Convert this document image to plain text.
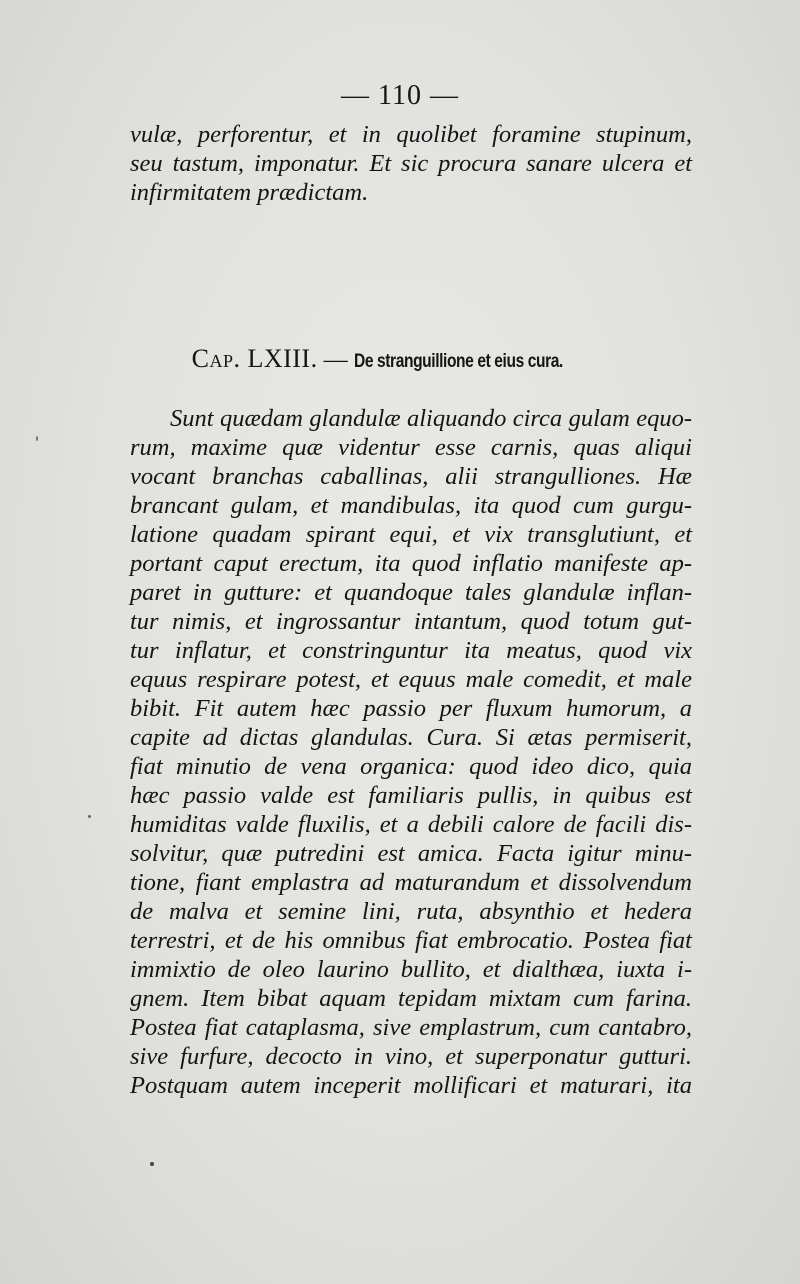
— 110 —
vulæ, perforentur, et in quolibet foramine stupinum,
seu tastum, imponatur. Et sic procura sanare ulcera et
infirmitatem prædictam.
Cap. LXIII. — De stranguillione et eius cura.
Sunt quædam glandulæ aliquando circa gulam equo-
rum, maxime quæ videntur esse carnis, quas aliqui
vocant branchas caballinas, alii strangulliones. Hæ
brancant gulam, et mandibulas, ita quod cum gurgu-
latione quadam spirant equi, et vix transglutiunt, et
portant caput erectum, ita quod inflatio manifeste ap-
paret in gutture: et quandoque tales glandulæ inflan-
tur nimis, et ingrossantur intantum, quod totum gut-
tur inflatur, et constringuntur ita meatus, quod vix
equus respirare potest, et equus male comedit, et male
bibit. Fit autem hæc passio per fluxum humorum, a
capite ad dictas glandulas. Cura. Si ætas permiserit,
fiat minutio de vena organica: quod ideo dico, quia
hæc passio valde est familiaris pullis, in quibus est
humiditas valde fluxilis, et a debili calore de facili dis-
solvitur, quæ putredini est amica. Facta igitur minu-
tione, fiant emplastra ad maturandum et dissolvendum
de malva et semine lini, ruta, absynthio et hedera
terrestri, et de his omnibus fiat embrocatio. Postea fiat
immixtio de oleo laurino bullito, et dialthæa, iuxta i-
gnem. Item bibat aquam tepidam mixtam cum farina.
Postea fiat cataplasma, sive emplastrum, cum cantabro,
sive furfure, decocto in vino, et superponatur gutturi.
Postquam autem inceperit mollificari et maturari, ita
